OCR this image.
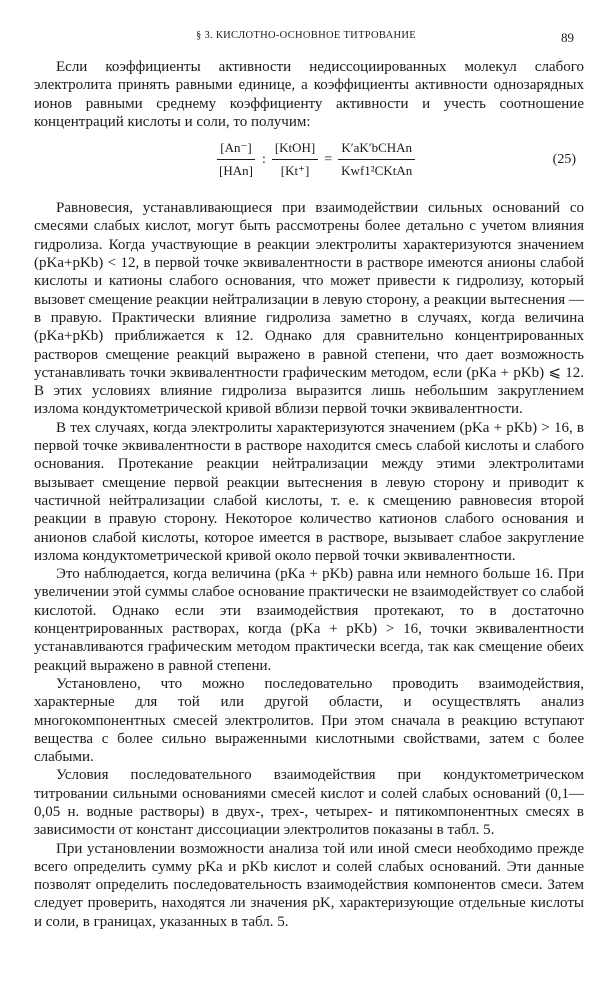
§ 3. КИСЛОТНО-ОСНОВНОЕ ТИТРОВАНИЕ	89

Если коэффициенты активности недиссоциированных молекул слабого электролита принять равными единице, а коэффициенты активности однозарядных ионов равными среднему коэффициенту активности и учесть соотношение концентраций кислоты и соли, то получим:

$\frac{[An^-]}{\text{[HAn]}}$ : $\frac{\text{[KtOH]}}{[Kt^+]} = \frac{\text{K′aK′bCHAn}}{\text{Kwf1²CKtAn}}$	(25)

Равновесия, устанавливающиеся при взаимодействии сильных оснований со смесями слабых кислот, могут быть рассмотрены более детально с учетом влияния гидролиза. Когда участвующие в реакции электролиты характеризуются значением (pKa+pKb) < 12, в первой точке эквивалентности в растворе имеются анионы слабой кислоты и катионы слабого основания, что может привести к гидролизу, который вызовет смещение реакции нейтрализации в левую сторону, а реакции вытеснения — в правую. Практически влияние гидролиза заметно в случаях, когда величина (pKa+pKb) приближается к 12. Однако для сравнительно концентрированных растворов смещение реакций выражено в равной степени, что дает возможность устанавливать точки эквивалентности графическим методом, если (pKa + pKb) ⩽ 12. В этих условиях влияние гидролиза выразится лишь небольшим закруглением излома кондуктометрической кривой вблизи первой точки эквивалентности.

В тех случаях, когда электролиты характеризуются значением (pKa + pKb) > 16, в первой точке эквивалентности в растворе находится смесь слабой кислоты и слабого основания. Протекание реакции нейтрализации между этими электролитами вызывает смещение первой реакции вытеснения в левую сторону и приводит к частичной нейтрализации слабой кислоты, т. е. к смещению равновесия второй реакции в правую сторону. Некоторое количество катионов слабого основания и анионов слабой кислоты, которое имеется в растворе, вызывает слабое закругление излома кондуктометрической кривой около первой точки эквивалентности.

Это наблюдается, когда величина (pKa + pKb) равна или немного больше 16. При увеличении этой суммы слабое основание практически не взаимодействует со слабой кислотой. Однако если эти взаимодействия протекают, то в достаточно концентрированных растворах, когда (pKa + pKb) > 16, точки эквивалентности устанавливаются графическим методом практически всегда, так как смещение обеих реакций выражено в равной степени.

Установлено, что можно последовательно проводить взаимодействия, характерные для той или другой области, и осуществлять анализ многокомпонентных смесей электролитов. При этом сначала в реакцию вступают вещества с более сильно выраженными кислотными свойствами, затем с более слабыми.

Условия последовательного взаимодействия при кондуктометрическом титровании сильными основаниями смесей кислот и солей слабых оснований (0,1—0,05 н. водные растворы) в двух-, трех-, четырех- и пятикомпонентных смесях в зависимости от констант диссоциации электролитов показаны в табл. 5.

При установлении возможности анализа той или иной смеси необходимо прежде всего определить сумму pKa и pKb кислот и солей слабых оснований. Эти данные позволят определить последовательность взаимодействия компонентов смеси. Затем следует проверить, находятся ли значения pK, характеризующие отдельные кислоты и соли, в границах, указанных в табл. 5.
